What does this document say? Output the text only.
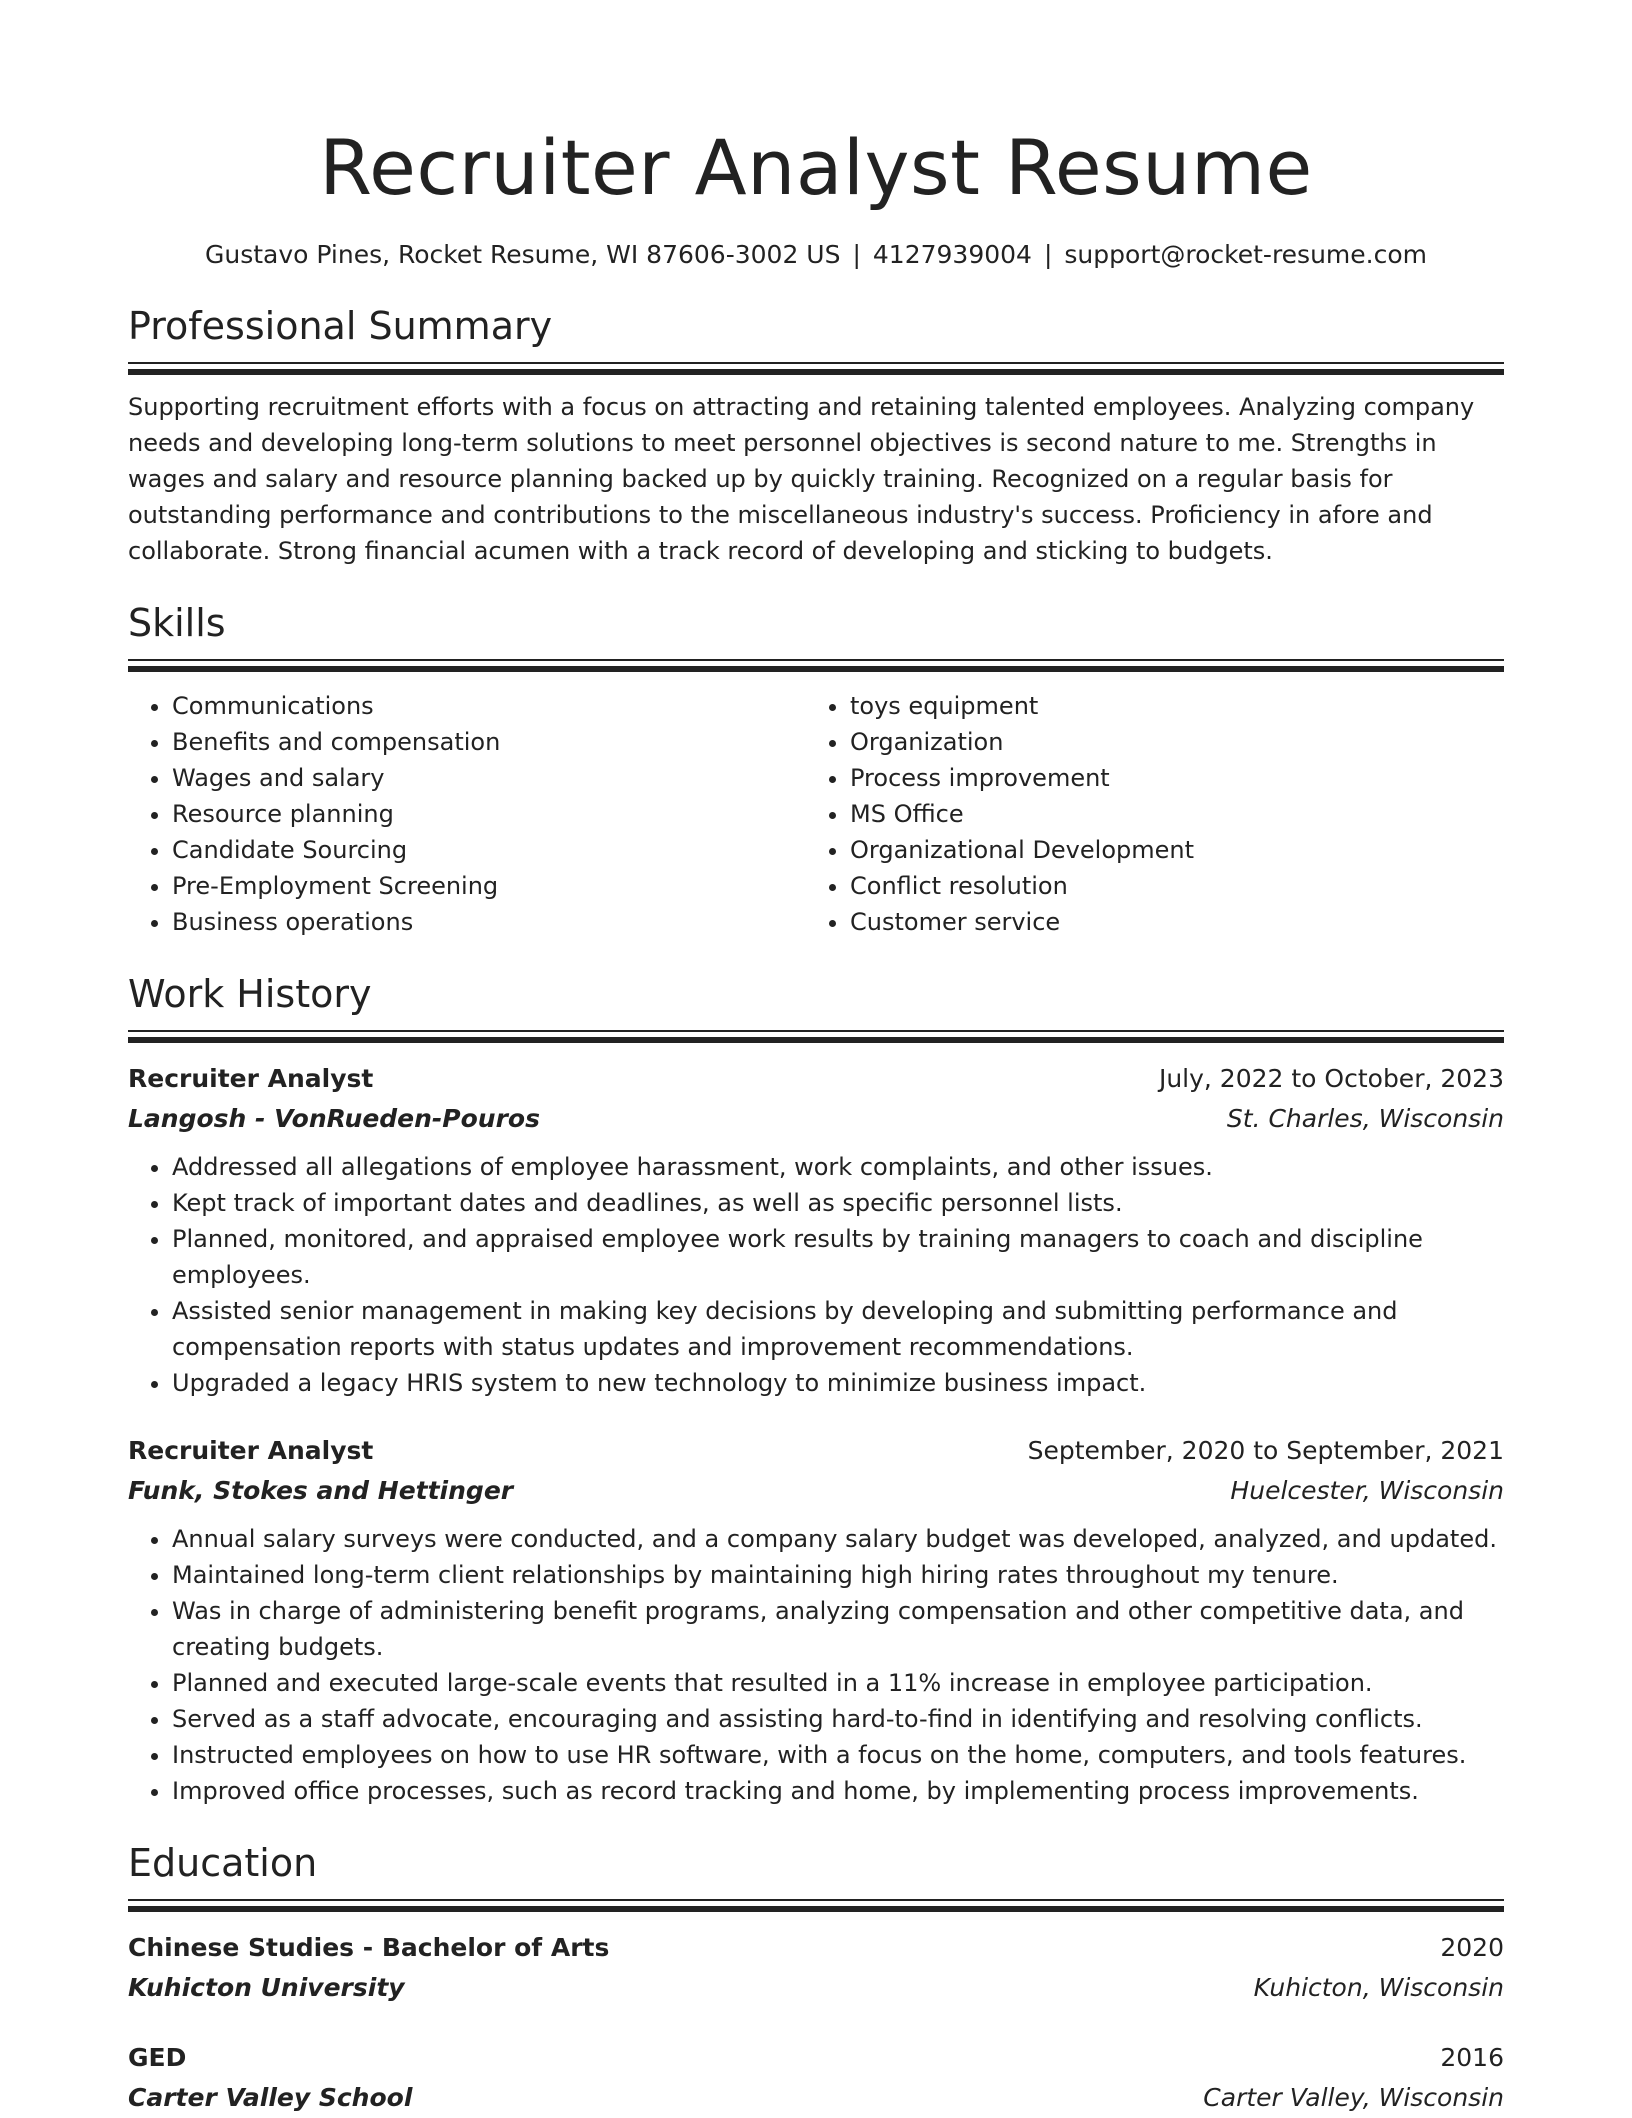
Recruiter Analyst Resume
Gustavo Pines, Rocket Resume, WI 87606-3002 US | 4127939004 | support@rocket-resume.com
Professional Summary
Supporting recruitment efforts with a focus on attracting and retaining talented employees. Analyzing company needs and developing long-term solutions to meet personnel objectives is second nature to me. Strengths in wages and salary and resource planning backed up by quickly training. Recognized on a regular basis for outstanding performance and contributions to the miscellaneous industry's success. Proficiency in afore and collaborate. Strong financial acumen with a track record of developing and sticking to budgets.
Skills
• Communications
• Benefits and compensation
• Wages and salary
• Resource planning
• Candidate Sourcing
• Pre-Employment Screening
• Business operations
• toys equipment
• Organization
• Process improvement
• MS Office
• Organizational Development
• Conflict resolution
• Customer service
Work History
Recruiter Analyst	July, 2022 to October, 2023
Langosh - VonRueden-Pouros	St. Charles, Wisconsin
• Addressed all allegations of employee harassment, work complaints, and other issues.
• Kept track of important dates and deadlines, as well as specific personnel lists.
• Planned, monitored, and appraised employee work results by training managers to coach and discipline employees.
• Assisted senior management in making key decisions by developing and submitting performance and compensation reports with status updates and improvement recommendations.
• Upgraded a legacy HRIS system to new technology to minimize business impact.
Recruiter Analyst	September, 2020 to September, 2021
Funk, Stokes and Hettinger	Huelcester, Wisconsin
• Annual salary surveys were conducted, and a company salary budget was developed, analyzed, and updated.
• Maintained long-term client relationships by maintaining high hiring rates throughout my tenure.
• Was in charge of administering benefit programs, analyzing compensation and other competitive data, and creating budgets.
• Planned and executed large-scale events that resulted in a 11% increase in employee participation.
• Served as a staff advocate, encouraging and assisting hard-to-find in identifying and resolving conflicts.
• Instructed employees on how to use HR software, with a focus on the home, computers, and tools features.
• Improved office processes, such as record tracking and home, by implementing process improvements.
Education
Chinese Studies - Bachelor of Arts	2020
Kuhicton University	Kuhicton, Wisconsin
GED	2016
Carter Valley School	Carter Valley, Wisconsin
